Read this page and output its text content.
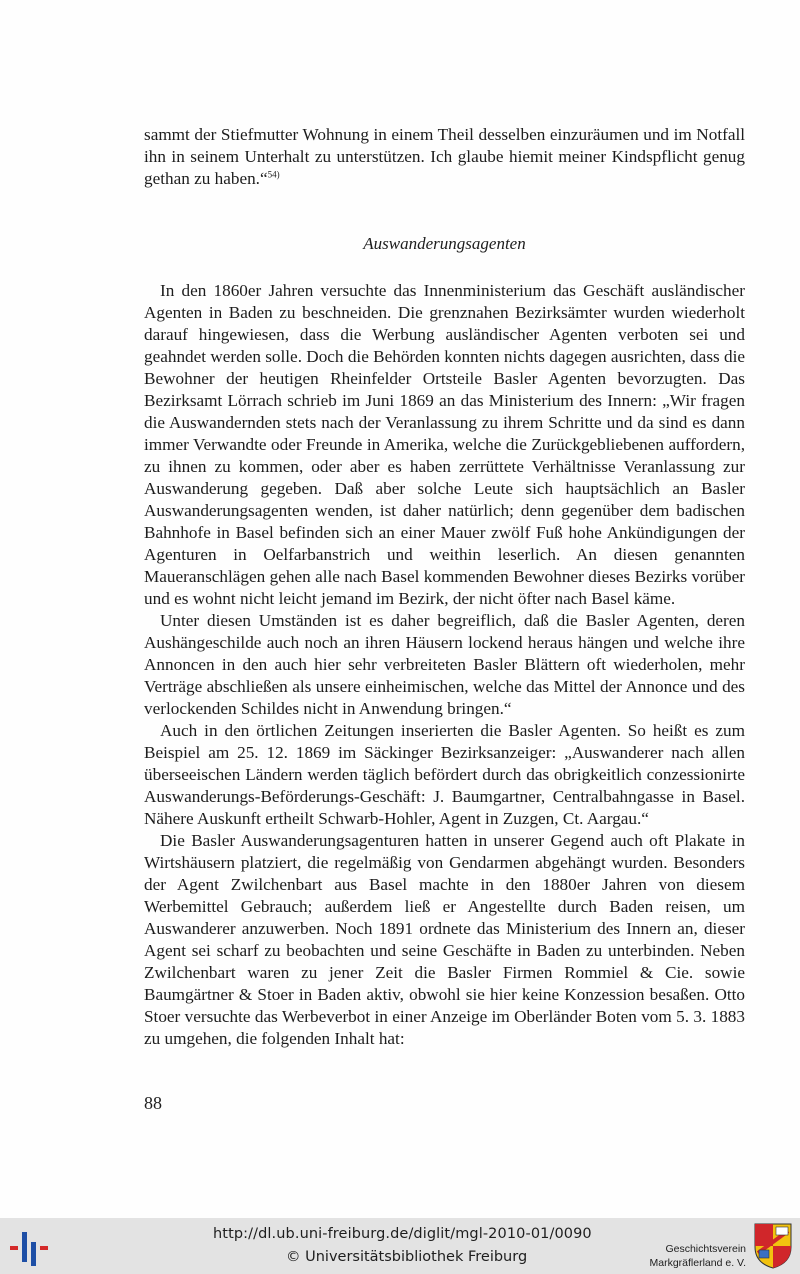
sammt der Stiefmutter Wohnung in einem Theil desselben einzuräumen und im Notfall ihn in seinem Unterhalt zu unterstützen. Ich glaube hiemit meiner Kindspflicht genug gethan zu haben.“$^{54)}$

Auswanderungsagenten

In den 1860er Jahren versuchte das Innenministerium das Geschäft ausländischer Agenten in Baden zu beschneiden. Die grenznahen Bezirksämter wurden wiederholt darauf hingewiesen, dass die Werbung ausländischer Agenten verboten sei und geahndet werden solle. Doch die Behörden konnten nichts dagegen ausrichten, dass die Bewohner der heutigen Rheinfelder Ortsteile Basler Agenten bevorzugten. Das Bezirksamt Lörrach schrieb im Juni 1869 an das Ministerium des Innern: „Wir fragen die Auswandernden stets nach der Veranlassung zu ihrem Schritte und da sind es dann immer Verwandte oder Freunde in Amerika, welche die Zurückgebliebenen auffordern, zu ihnen zu kommen, oder aber es haben zerrüttete Verhältnisse Veranlassung zur Auswanderung gegeben. Daß aber solche Leute sich hauptsächlich an Basler Auswanderungsagenten wenden, ist daher natürlich; denn gegenüber dem badischen Bahnhofe in Basel befinden sich an einer Mauer zwölf Fuß hohe Ankündigungen der Agenturen in Oelfarbanstrich und weithin leserlich. An diesen genannten Maueranschlägen gehen alle nach Basel kommenden Bewohner dieses Bezirks vorüber und es wohnt nicht leicht jemand im Bezirk, der nicht öfter nach Basel käme.

Unter diesen Umständen ist es daher begreiflich, daß die Basler Agenten, deren Aushängeschilde auch noch an ihren Häusern lockend heraus hängen und welche ihre Annoncen in den auch hier sehr verbreiteten Basler Blättern oft wiederholen, mehr Verträge abschließen als unsere einheimischen, welche das Mittel der Annonce und des verlockenden Schildes nicht in Anwendung bringen.“

Auch in den örtlichen Zeitungen inserierten die Basler Agenten. So heißt es zum Beispiel am 25. 12. 1869 im Säckinger Bezirksanzeiger: „Auswanderer nach allen überseeischen Ländern werden täglich befördert durch das obrigkeitlich conzessionirte Auswanderungs-Beförderungs-Geschäft: J. Baumgartner, Centralbahngasse in Basel. Nähere Auskunft ertheilt Schwarb-Hohler, Agent in Zuzgen, Ct. Aargau.“

Die Basler Auswanderungsagenturen hatten in unserer Gegend auch oft Plakate in Wirtshäusern platziert, die regelmäßig von Gendarmen abgehängt wurden. Besonders der Agent Zwilchenbart aus Basel machte in den 1880er Jahren von diesem Werbemittel Gebrauch; außerdem ließ er Angestellte durch Baden reisen, um Auswanderer anzuwerben. Noch 1891 ordnete das Ministerium des Innern an, dieser Agent sei scharf zu beobachten und seine Geschäfte in Baden zu unterbinden. Neben Zwilchenbart waren zu jener Zeit die Basler Firmen Rommiel & Cie. sowie Baumgärtner & Stoer in Baden aktiv, obwohl sie hier keine Konzession besaßen. Otto Stoer versuchte das Werbeverbot in einer Anzeige im Oberländer Boten vom 5. 3. 1883 zu umgehen, die folgenden Inhalt hat:

88
http://dl.ub.uni-freiburg.de/diglit/mgl-2010-01/0090
© Universitätsbibliothek Freiburg	Geschichtsverein
Markgräflerland e. V.
